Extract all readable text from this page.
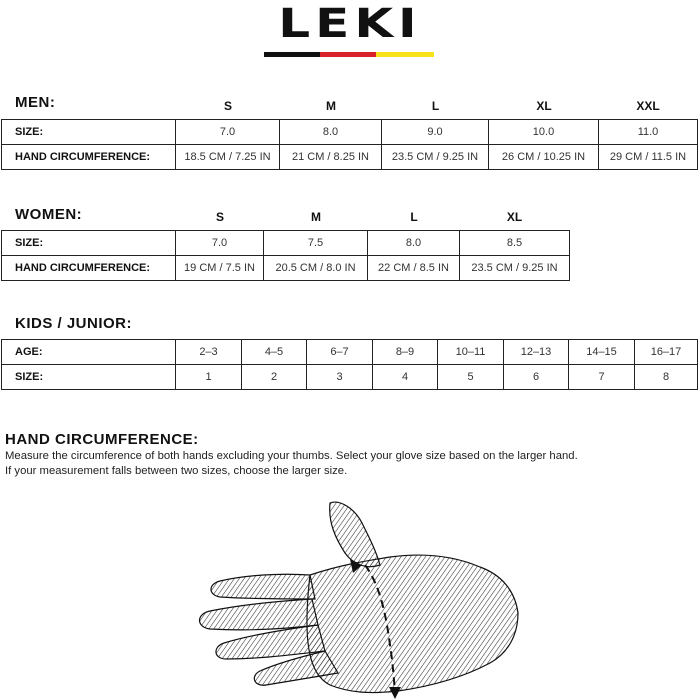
LEKI
MEN:	S	M	L	XL	XXL
SIZE:	7.0	8.0	9.0	10.0	11.0
HAND CIRCUMFERENCE:	18.5 CM / 7.25 IN	21 CM / 8.25 IN	23.5 CM / 9.25 IN	26 CM / 10.25 IN	29 CM / 11.5 IN
WOMEN:	S	M	L	XL
SIZE:	7.0	7.5	8.0	8.5
HAND CIRCUMFERENCE:	19 CM / 7.5 IN	20.5 CM / 8.0 IN	22 CM / 8.5 IN	23.5 CM / 9.25 IN
KIDS / JUNIOR:
AGE:	2–3	4–5	6–7	8–9	10–11	12–13	14–15	16–17
SIZE:	1	2	3	4	5	6	7	8
HAND CIRCUMFERENCE:
Measure the circumference of both hands excluding your thumbs. Select your glove size based on the larger hand. If your measurement falls between two sizes, choose the larger size.
